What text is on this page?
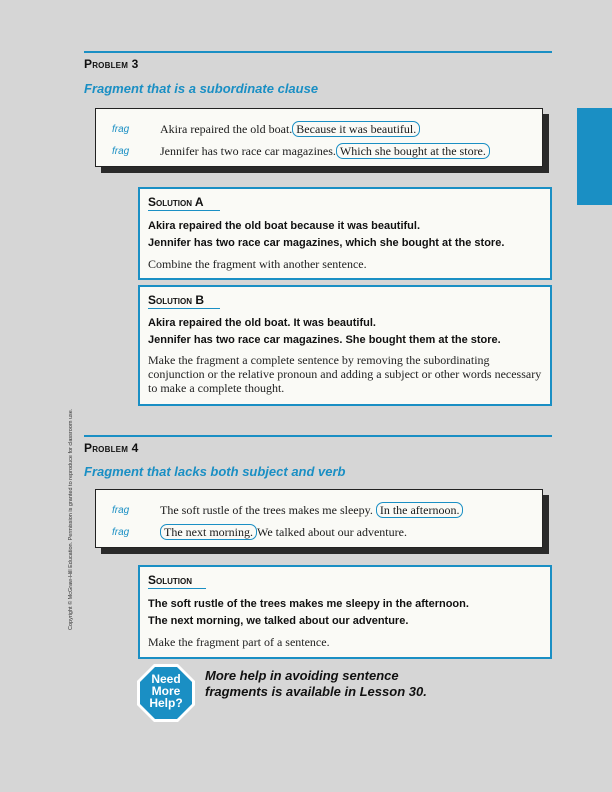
Copyright © McGraw-Hill Education. Permission is granted to reproduce for classroom use.
Problem 3
Fragment that is a subordinate clause
frag	Akira repaired the old boat. Because it was beautiful.
frag	Jennifer has two race car magazines. Which she bought at the store.
Solution A
Akira repaired the old boat because it was beautiful.
Jennifer has two race car magazines, which she bought at the store.
Combine the fragment with another sentence.
Solution B
Akira repaired the old boat. It was beautiful.
Jennifer has two race car magazines. She bought them at the store.
Make the fragment a complete sentence by removing the subordinating conjunction or the relative pronoun and adding a subject or other words necessary to make a complete thought.
Problem 4
Fragment that lacks both subject and verb
frag	The soft rustle of the trees makes me sleepy. In the afternoon.
frag	The next morning. We talked about our adventure.
Solution
The soft rustle of the trees makes me sleepy in the afternoon.
The next morning, we talked about our adventure.
Make the fragment part of a sentence.
Need
More
Help?
More help in avoiding sentence fragments is available in Lesson 30.
